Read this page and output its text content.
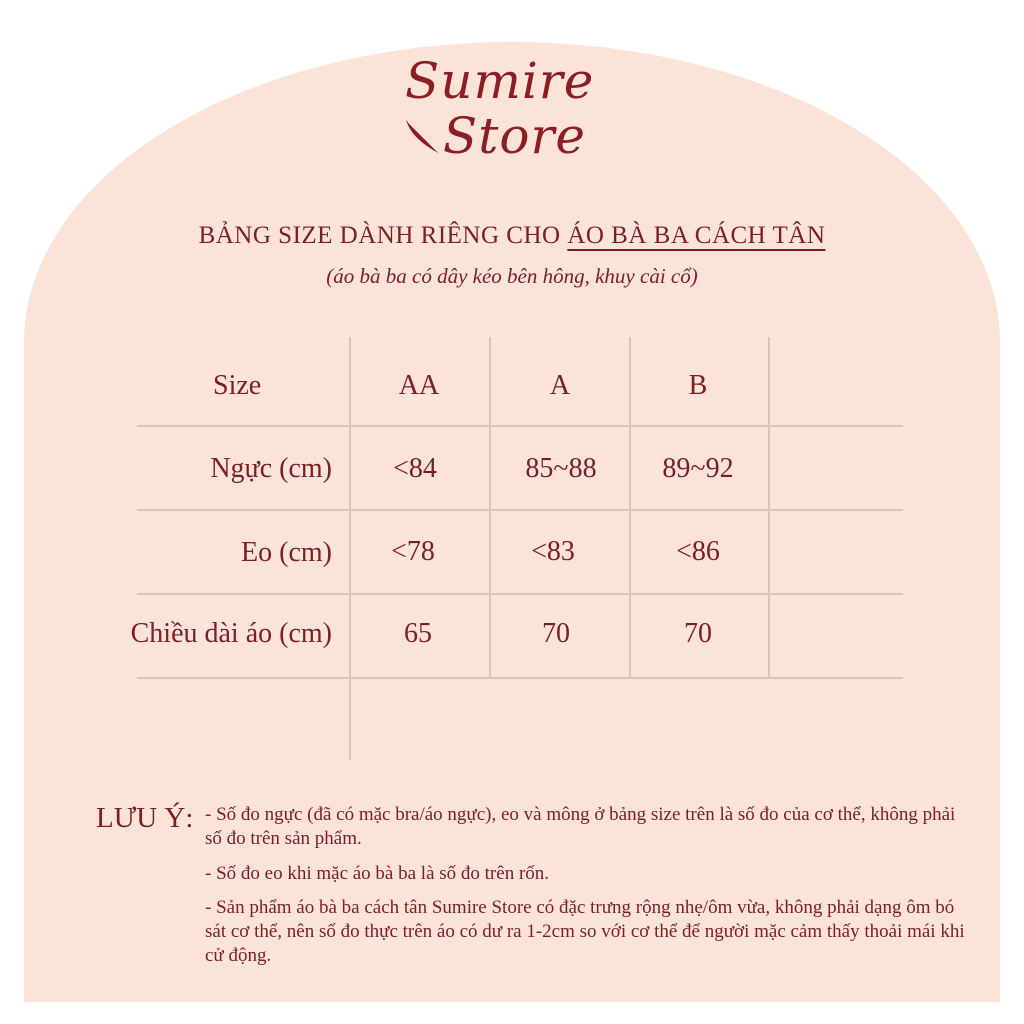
Sumire
Store
BẢNG SIZE DÀNH RIÊNG CHO ÁO BÀ BA CÁCH TÂN
(áo bà ba có dây kéo bên hông, khuy cài cổ)
Size	AA	A	B
Ngực (cm)	<84	85~88	89~92
Eo (cm)	<78	<83	<86
Chiều dài áo (cm)	65	70	70
LƯU Ý: - Số đo ngực (đã có mặc bra/áo ngực), eo và mông ở bảng size trên là số đo của cơ thể, không phải số đo trên sản phẩm.
- Số đo eo khi mặc áo bà ba là số đo trên rốn.
- Sản phẩm áo bà ba cách tân Sumire Store có đặc trưng rộng nhẹ/ôm vừa, không phải dạng ôm bó sát cơ thể, nên số đo thực trên áo có dư ra 1-2cm so với cơ thể để người mặc cảm thấy thoải mái khi cử động.
